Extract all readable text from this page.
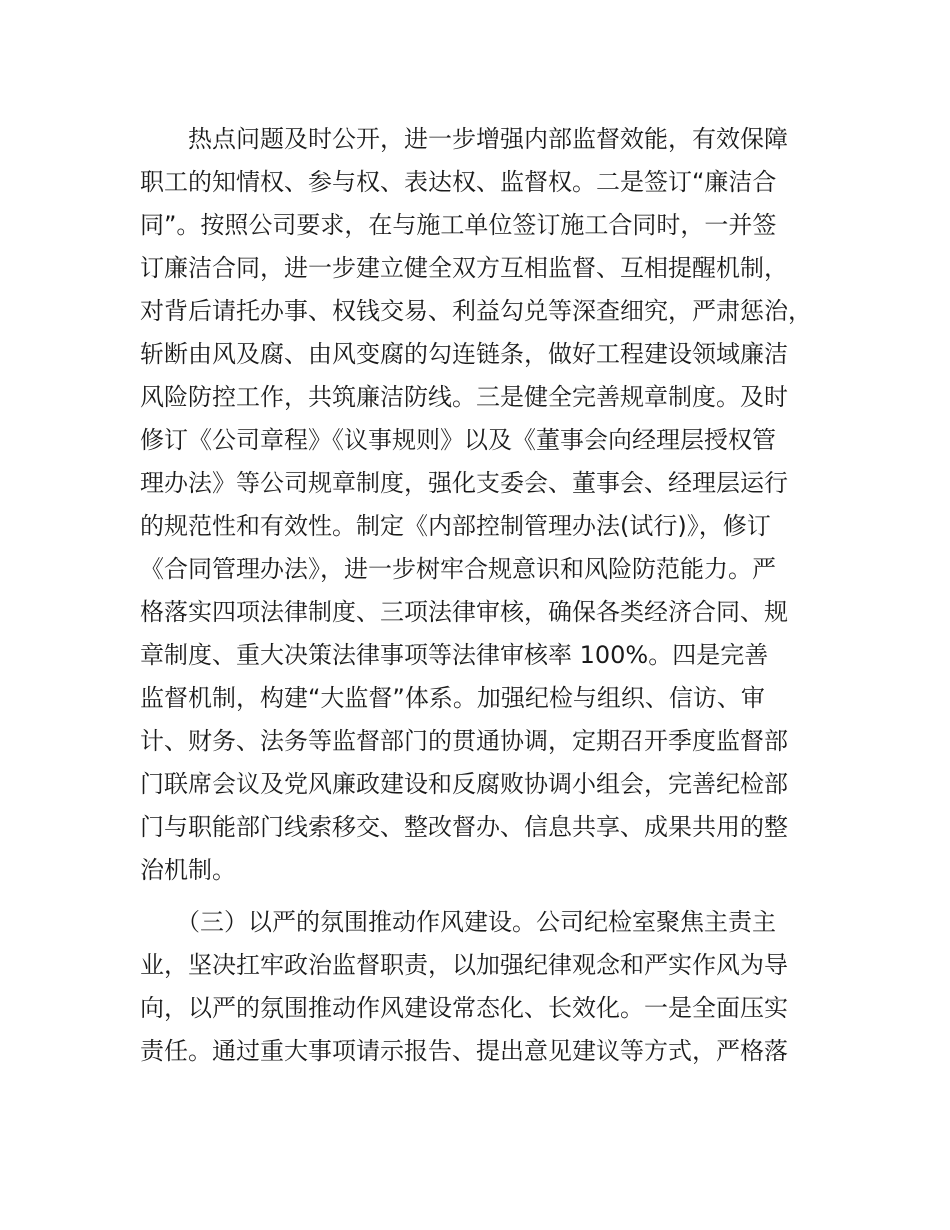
　　热点问题及时公开，进一步增强内部监督效能，有效保障
职工的知情权、参与权、表达权、监督权。二是签订“廉洁合
同”。按照公司要求，在与施工单位签订施工合同时，一并签
订廉洁合同，进一步建立健全双方互相监督、互相提醒机制，
对背后请托办事、权钱交易、利益勾兑等深查细究，严肃惩治，
斩断由风及腐、由风变腐的勾连链条，做好工程建设领域廉洁
风险防控工作，共筑廉洁防线。三是健全完善规章制度。及时
修订《公司章程》《议事规则》以及《董事会向经理层授权管
理办法》等公司规章制度，强化支委会、董事会、经理层运行
的规范性和有效性。制定《内部控制管理办法(试行)》，修订
《合同管理办法》，进一步树牢合规意识和风险防范能力。严
格落实四项法律制度、三项法律审核，确保各类经济合同、规
章制度、重大决策法律事项等法律审核率 100%。四是完善
监督机制，构建“大监督”体系。加强纪检与组织、信访、审
计、财务、法务等监督部门的贯通协调，定期召开季度监督部
门联席会议及党风廉政建设和反腐败协调小组会，完善纪检部
门与职能部门线索移交、整改督办、信息共享、成果共用的整
治机制。
　　（三）以严的氛围推动作风建设。公司纪检室聚焦主责主
业，坚决扛牢政治监督职责，以加强纪律观念和严实作风为导
向，以严的氛围推动作风建设常态化、长效化。一是全面压实
责任。通过重大事项请示报告、提出意见建议等方式，严格落
